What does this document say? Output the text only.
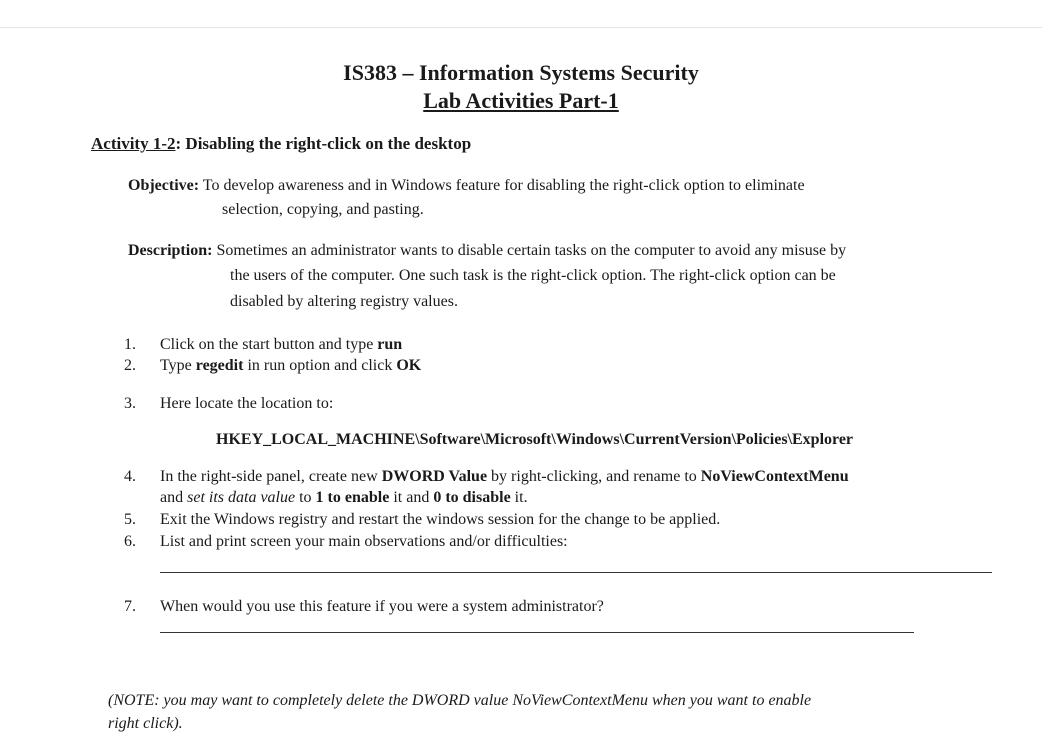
IS383 – Information Systems Security
Lab Activities Part-1
Activity 1-2: Disabling the right-click on the desktop
Objective: To develop awareness and in Windows feature for disabling the right-click option to eliminate
selection, copying, and pasting.
Description: Sometimes an administrator wants to disable certain tasks on the computer to avoid any misuse by
the users of the computer. One such task is the right-click option. The right-click option can be
disabled by altering registry values.
1.	Click on the start button and type run
2.	Type regedit in run option and click OK
3.	Here locate the location to:
HKEY_LOCAL_MACHINE\Software\Microsoft\Windows\CurrentVersion\Policies\Explorer
4.	In the right-side panel, create new DWORD Value by right-clicking, and rename to NoViewContextMenu
and set its data value to 1 to enable it and 0 to disable it.
5.	Exit the Windows registry and restart the windows session for the change to be applied.
6.	List and print screen your main observations and/or difficulties:
7.	When would you use this feature if you were a system administrator?
(NOTE: you may want to completely delete the DWORD value NoViewContextMenu when you want to enable
right click).
